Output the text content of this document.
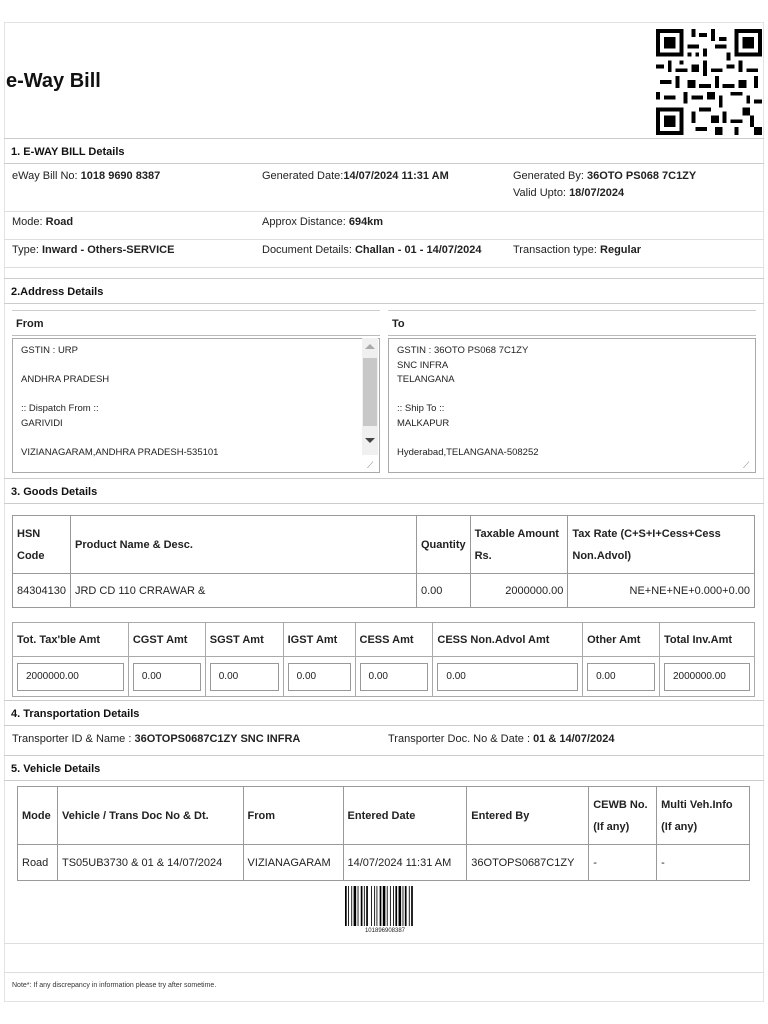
e-Way Bill
1. E-WAY BILL Details
eWay Bill No: 1018 9690 8387	Generated Date:14/07/2024 11:31 AM	Generated By: 36OTO PS068 7C1ZY
Valid Upto: 18/07/2024
Mode: Road	Approx Distance: 694km
Type: Inward - Others-SERVICE	Document Details: Challan - 01 - 14/07/2024	Transaction type: Regular
2.Address Details
From
GSTIN : URP
ANDHRA PRADESH
:: Dispatch From ::
GARIVIDI
VIZIANAGARAM,ANDHRA PRADESH-535101
⟋
To
GSTIN : 36OTO PS068 7C1ZY
SNC INFRA
TELANGANA
:: Ship To ::
MALKAPUR
Hyderabad,TELANGANA-508252
⟋
3. Goods Details
HSN Code	Product Name & Desc.	Quantity	Taxable Amount Rs.	Tax Rate (C+S+I+Cess+Cess Non.Advol)
84304130	JRD CD 110 CRRAWAR &	0.00	2000000.00	NE+NE+NE+0.000+0.00
Tot. Tax'ble Amt	CGST Amt	SGST Amt	IGST Amt	CESS Amt	CESS Non.Advol Amt	Other Amt	Total Inv.Amt

2000000.00	0.00	0.00	0.00	0.00	0.00	0.00	2000000.00
4. Transportation Details
Transporter ID & Name : 36OTOPS0687C1ZY SNC INFRA	Transporter Doc. No & Date : 01 & 14/07/2024
5. Vehicle Details
Mode	Vehicle / Trans Doc No & Dt.	From	Entered Date	Entered By	CEWB No. (If any)	Multi Veh.Info (If any)
Road	TS05UB3730 & 01 & 14/07/2024	VIZIANAGARAM	14/07/2024 11:31 AM	36OTOPS0687C1ZY	-	-
101896908387
Note*: If any discrepancy in information please try after sometime.
